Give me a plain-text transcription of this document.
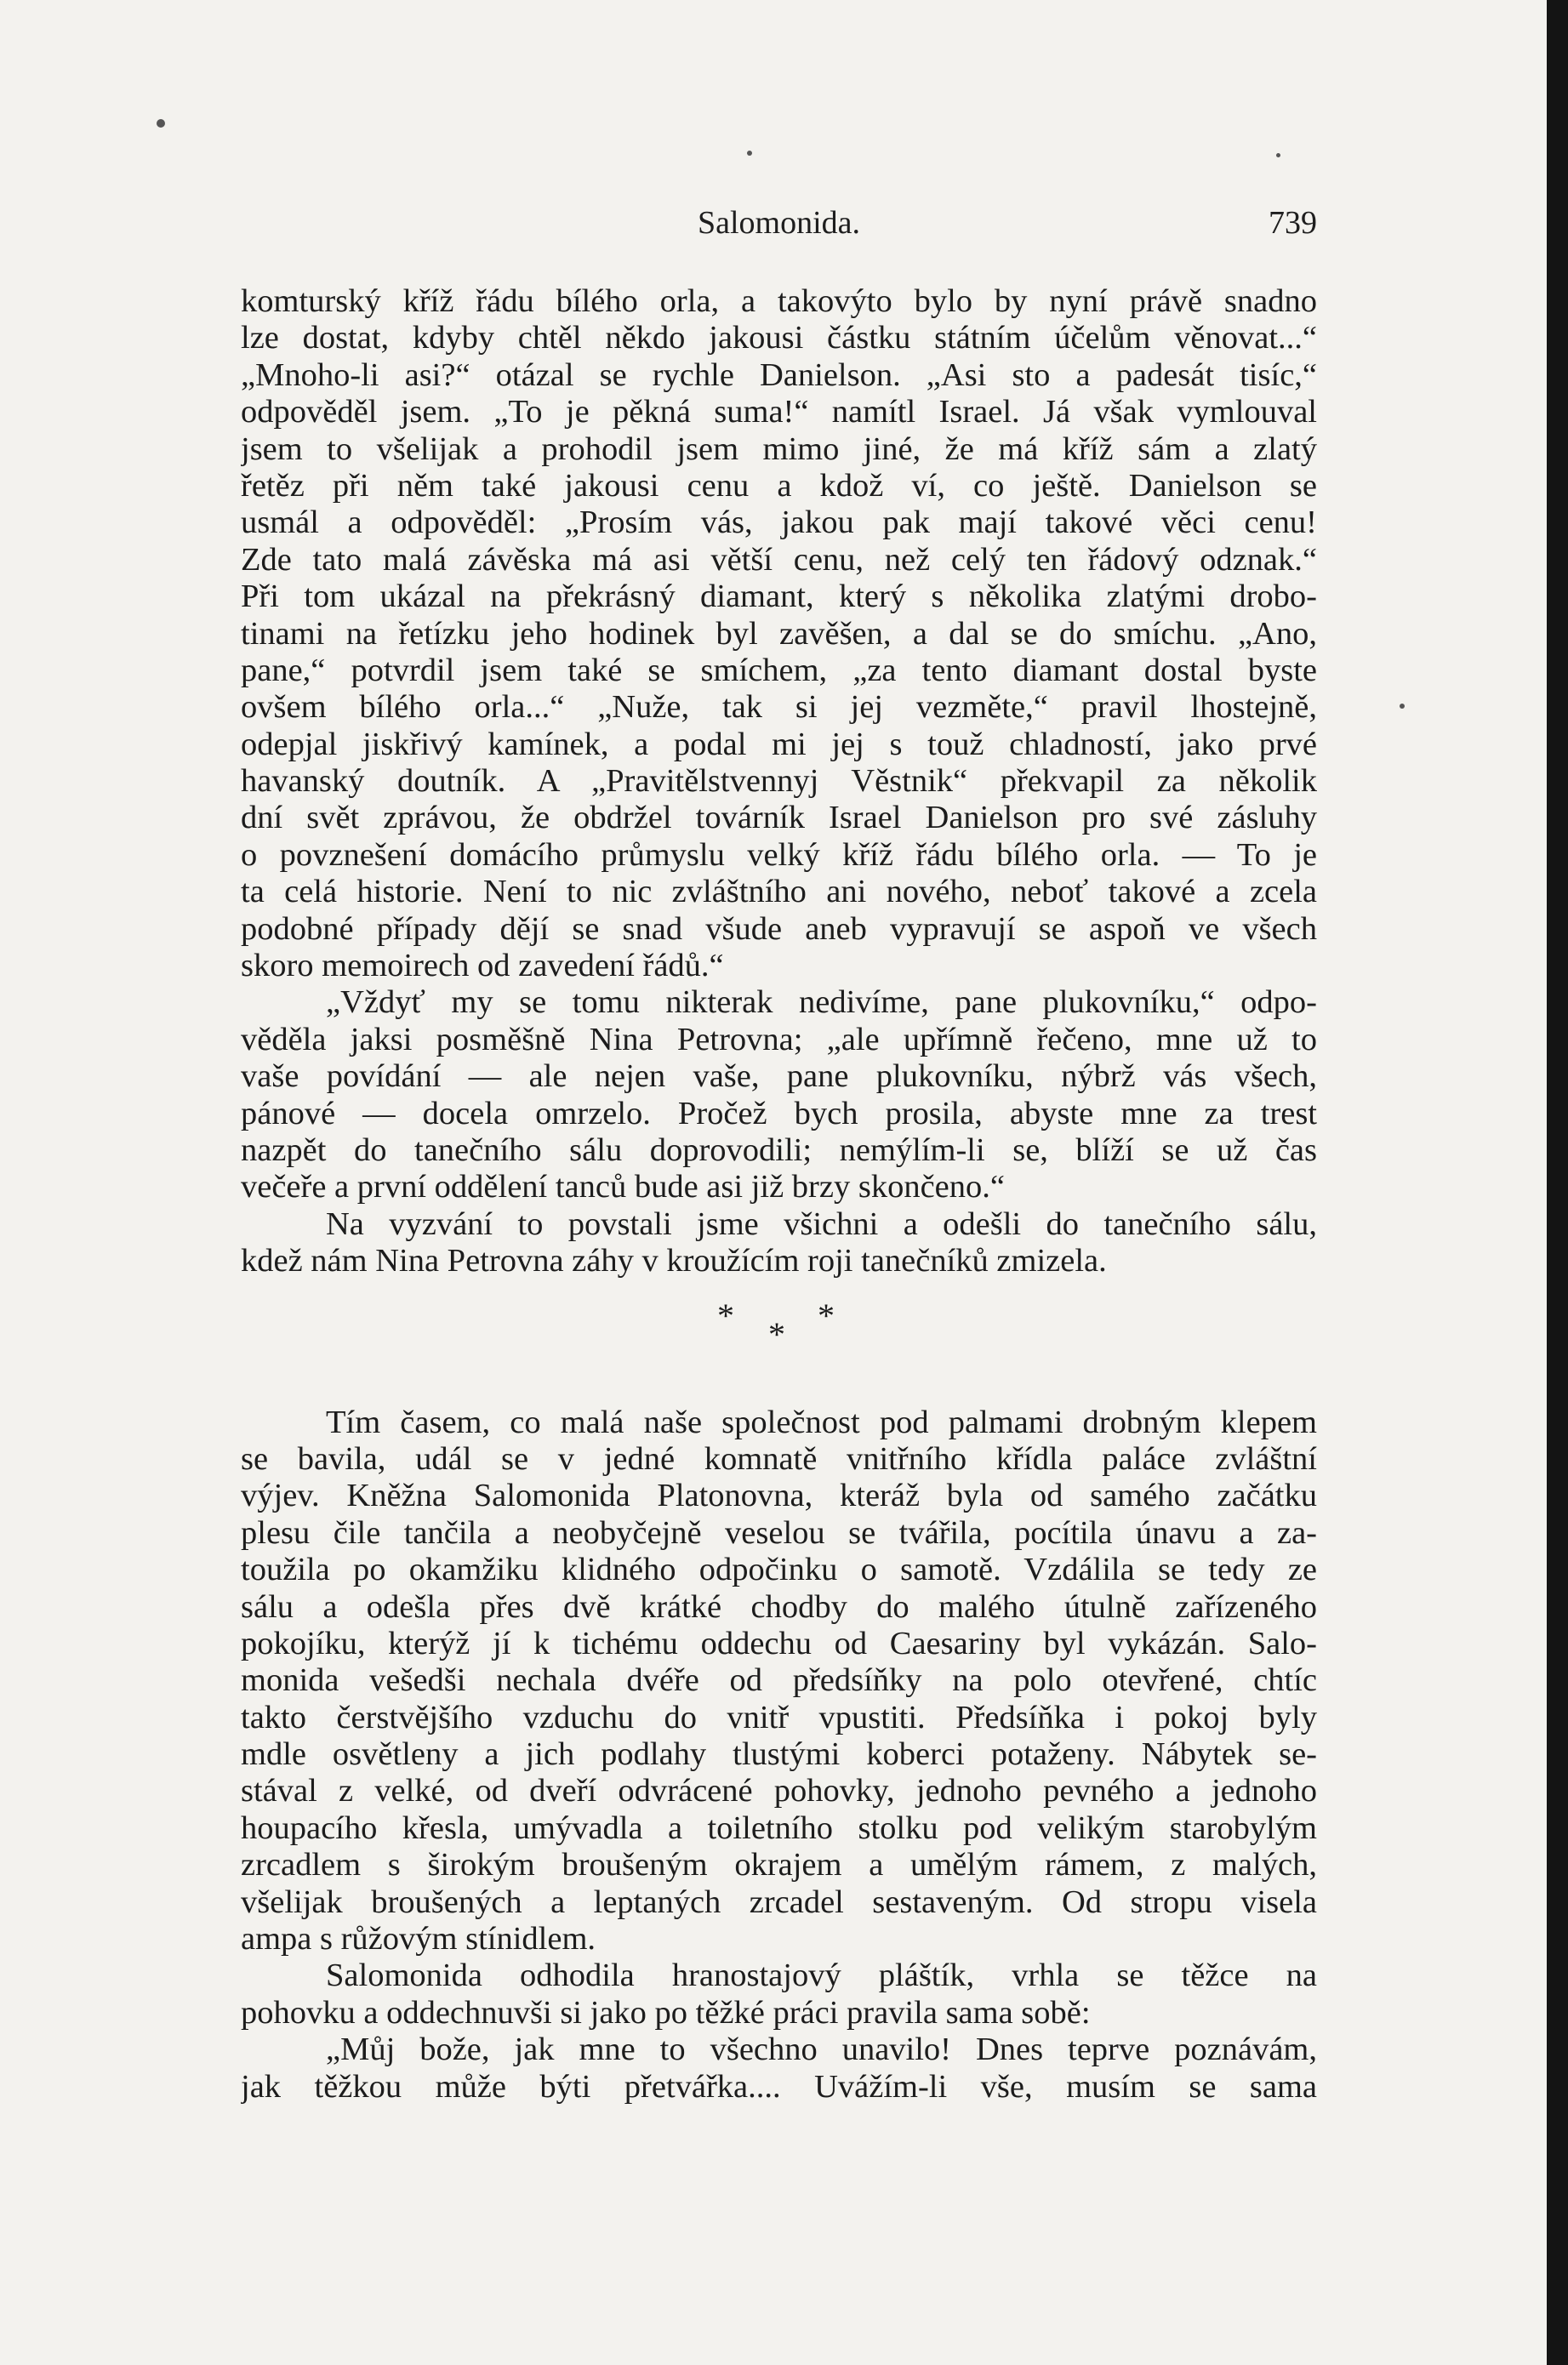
Salomonida.	739
komturský kříž řádu bílého orla, a takovýto bylo by nyní právě snadno
lze dostat, kdyby chtěl někdo jakousi částku státním účelům věnovat...“
„Mnoho-li asi?“ otázal se rychle Danielson. „Asi sto a padesát tisíc,“
odpověděl jsem. „To je pěkná suma!“ namítl Israel. Já však vymlouval
jsem to všelijak a prohodil jsem mimo jiné, že má kříž sám a zlatý
řetěz při něm také jakousi cenu a kdož ví, co ještě. Danielson se
usmál a odpověděl: „Prosím vás, jakou pak mají takové věci cenu!
Zde tato malá závěska má asi větší cenu, než celý ten řádový odznak.“
Při tom ukázal na překrásný diamant, který s několika zlatými drobo-
tinami na řetízku jeho hodinek byl zavěšen, a dal se do smíchu. „Ano,
pane,“ potvrdil jsem také se smíchem, „za tento diamant dostal byste
ovšem bílého orla...“ „Nuže, tak si jej vezměte,“ pravil lhostejně,
odepjal jiskřivý kamínek, a podal mi jej s touž chladností, jako prvé
havanský doutník. A „Pravitělstvennyj Věstnik“ překvapil za několik
dní svět zprávou, že obdržel továrník Israel Danielson pro své zásluhy
o povznešení domácího průmyslu velký kříž řádu bílého orla. — To je
ta celá historie. Není to nic zvláštního ani nového, neboť takové a zcela
podobné případy dějí se snad všude aneb vypravují se aspoň ve všech
skoro memoirech od zavedení řádů.“
„Vždyť my se tomu nikterak nedivíme, pane plukovníku,“ odpo-
věděla jaksi posměšně Nina Petrovna; „ale upřímně řečeno, mne už to
vaše povídání — ale nejen vaše, pane plukovníku, nýbrž vás všech,
pánové — docela omrzelo. Pročež bych prosila, abyste mne za trest
nazpět do tanečního sálu doprovodili; nemýlím-li se, blíží se už čas
večeře a první oddělení tanců bude asi již brzy skončeno.“
Na vyzvání to povstali jsme všichni a odešli do tanečního sálu,
kdež nám Nina Petrovna záhy v kroužícím roji tanečníků zmizela.
* *
*
Tím časem, co malá naše společnost pod palmami drobným klepem
se bavila, udál se v jedné komnatě vnitřního křídla paláce zvláštní
výjev. Kněžna Salomonida Platonovna, kteráž byla od samého začátku
plesu čile tančila a neobyčejně veselou se tvářila, pocítila únavu a za-
toužila po okamžiku klidného odpočinku o samotě. Vzdálila se tedy ze
sálu a odešla přes dvě krátké chodby do malého útulně zařízeného
pokojíku, kterýž jí k tichému oddechu od Caesariny byl vykázán. Salo-
monida vešedši nechala dvéře od předsíňky na polo otevřené, chtíc
takto čerstvějšího vzduchu do vnitř vpustiti. Předsíňka i pokoj byly
mdle osvětleny a jich podlahy tlustými koberci potaženy. Nábytek se-
stával z velké, od dveří odvrácené pohovky, jednoho pevného a jednoho
houpacího křesla, umývadla a toiletního stolku pod velikým starobylým
zrcadlem s širokým broušeným okrajem a umělým rámem, z malých,
všelijak broušených a leptaných zrcadel sestaveným. Od stropu visela
ampa s růžovým stínidlem.
Salomonida odhodila hranostajový pláštík, vrhla se těžce na
pohovku a oddechnuvši si jako po těžké práci pravila sama sobě:
„Můj bože, jak mne to všechno unavilo! Dnes teprve poznávám,
jak těžkou může býti přetvářka.... Uvážím-li vše, musím se sama
